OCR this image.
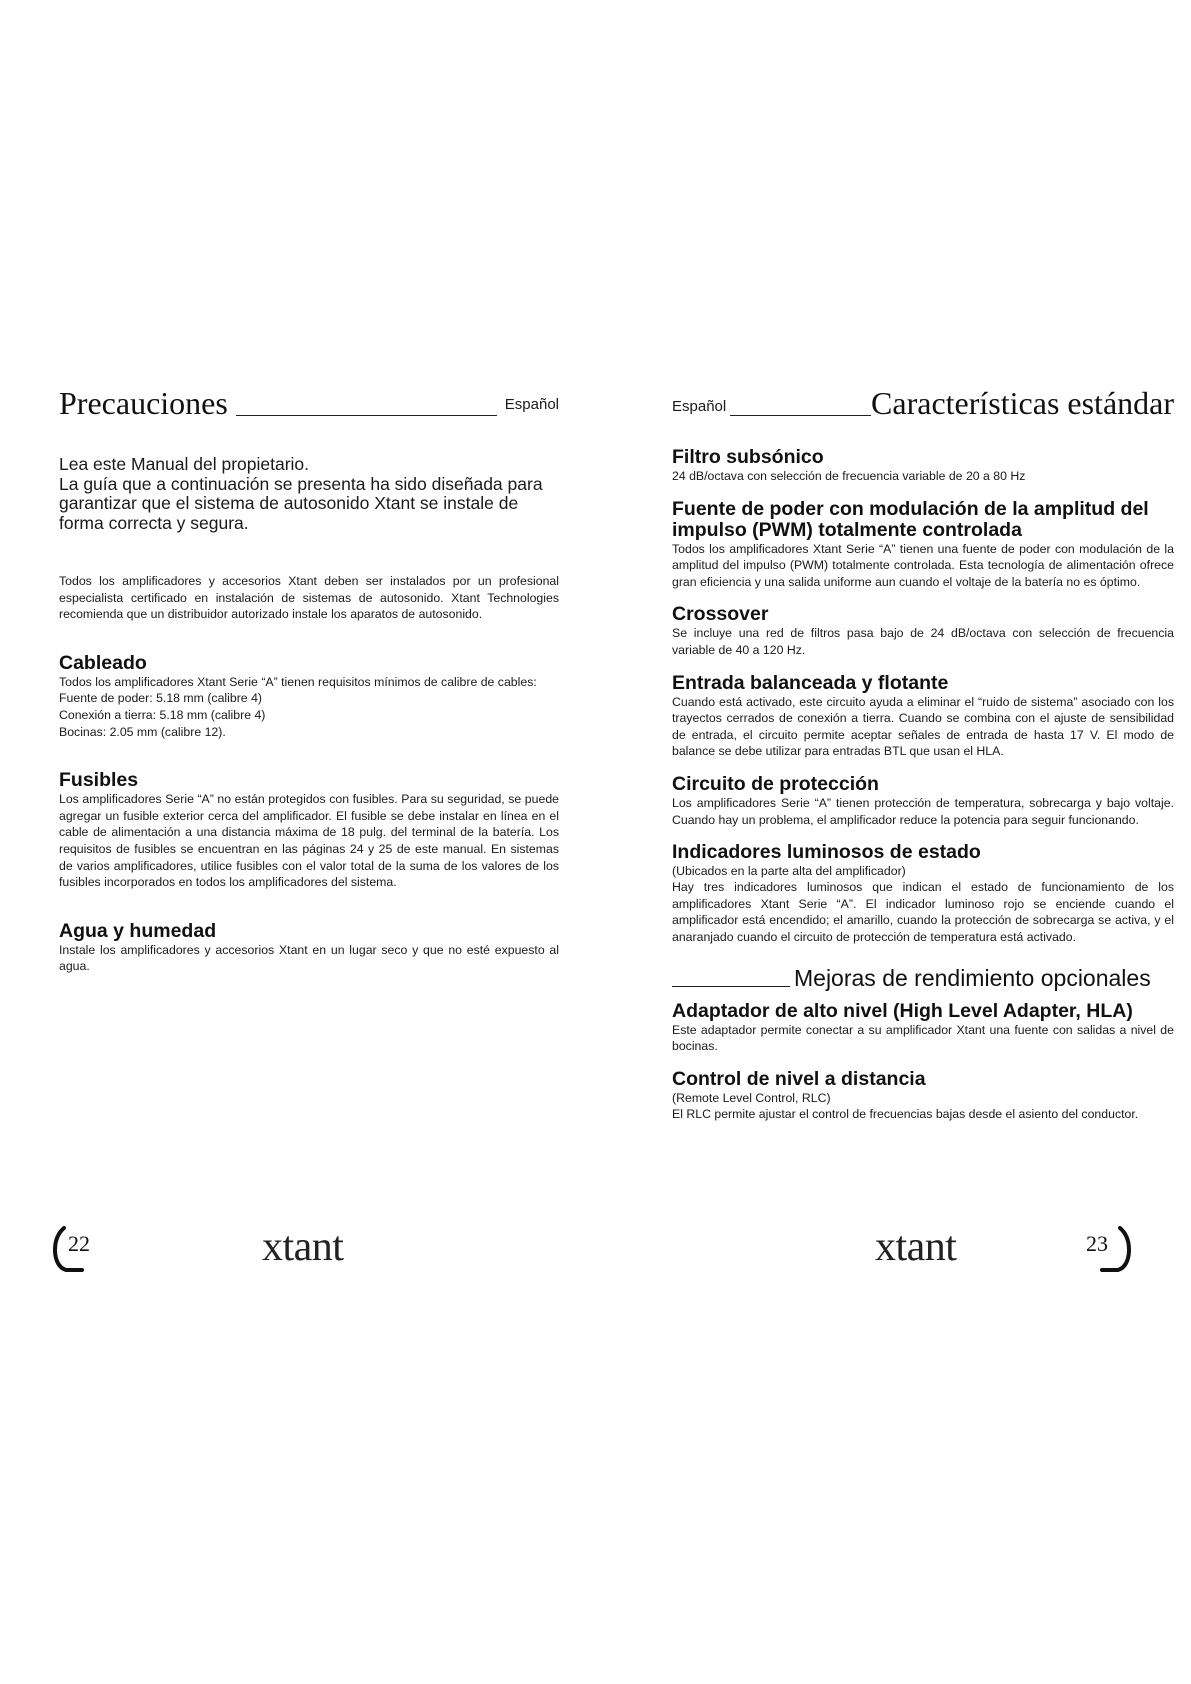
Precauciones	Español

Lea este Manual del propietario.

La guía que a continuación se presenta ha sido diseñada para garantizar que el sistema de autosonido Xtant se instale de forma correcta y segura.

Todos los amplificadores y accesorios Xtant deben ser instalados por un profesional especialista certificado en instalación de sistemas de autosonido. Xtant Technologies recomienda que un distribuidor autorizado instale los aparatos de autosonido.

Cableado

Todos los amplificadores Xtant Serie “A” tienen requisitos mínimos de calibre de cables:

Fuente de poder: 5.18 mm (calibre 4)

Conexión a tierra: 5.18 mm (calibre 4)

Bocinas: 2.05 mm (calibre 12).

Fusibles

Los amplificadores Serie “A” no están protegidos con fusibles. Para su seguridad, se puede agregar un fusible exterior cerca del amplificador. El fusible se debe instalar en línea en el cable de alimentación a una distancia máxima de 18 pulg. del terminal de la batería. Los requisitos de fusibles se encuentran en las páginas 24 y 25 de este manual. En sistemas de varios amplificadores, utilice fusibles con el valor total de la suma de los valores de los fusibles incorporados en todos los amplificadores del sistema.

Agua y humedad

Instale los amplificadores y accesorios Xtant en un lugar seco y que no esté expuesto al agua.

22	xtant
Español	Características estándar
Filtro subsónico

24 dB/octava con selección de frecuencia variable de 20 a 80 Hz

Fuente de poder con modulación de la amplitud del impulso (PWM) totalmente controlada

Todos los amplificadores Xtant Serie “A” tienen una fuente de poder con modulación de la amplitud del impulso (PWM) totalmente controlada. Esta tecnología de alimentación ofrece gran eficiencia y una salida uniforme aun cuando el voltaje de la batería no es óptimo.

Crossover

Se incluye una red de filtros pasa bajo de 24 dB/octava con selección de frecuencia variable de 40 a 120 Hz.

Entrada balanceada y flotante

Cuando está activado, este circuito ayuda a eliminar el “ruido de sistema” asociado con los trayectos cerrados de conexión a tierra. Cuando se combina con el ajuste de sensibilidad de entrada, el circuito permite aceptar señales de entrada de hasta 17 V. El modo de balance se debe utilizar para entradas BTL que usan el HLA.

Circuito de protección

Los amplificadores Serie “A” tienen protección de temperatura, sobrecarga y bajo voltaje. Cuando hay un problema, el amplificador reduce la potencia para seguir funcionando.

Indicadores luminosos de estado

(Ubicados en la parte alta del amplificador)

Hay tres indicadores luminosos que indican el estado de funcionamiento de los amplificadores Xtant Serie “A”. El indicador luminoso rojo se enciende cuando el amplificador está encendido; el amarillo, cuando la protección de sobrecarga se activa, y el anaranjado cuando el circuito de protección de temperatura está activado.

Mejoras de rendimiento opcionales
Adaptador de alto nivel (High Level Adapter, HLA)

Este adaptador permite conectar a su amplificador Xtant una fuente con salidas a nivel de bocinas.

Control de nivel a distancia

(Remote Level Control, RLC)

El RLC permite ajustar el control de frecuencias bajas desde el asiento del conductor.

xtant	23
